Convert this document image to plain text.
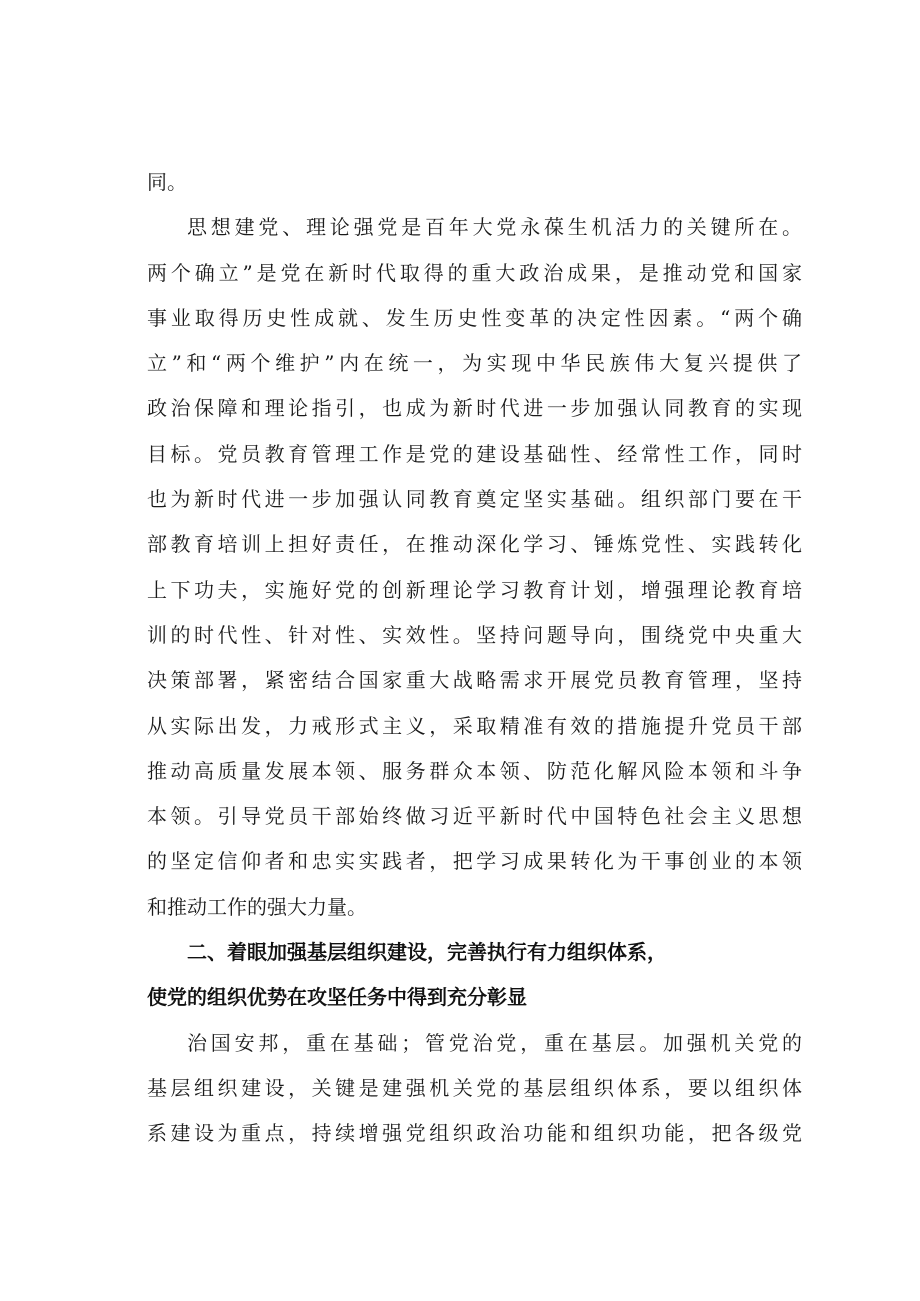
同。
思想建党、理论强党是百年大党永葆生机活力的关键所在。
两个确立”是党在新时代取得的重大政治成果，是推动党和国家
事业取得历史性成就、发生历史性变革的决定性因素。“两个确
立”和“两个维护”内在统一，为实现中华民族伟大复兴提供了
政治保障和理论指引，也成为新时代进一步加强认同教育的实现
目标。党员教育管理工作是党的建设基础性、经常性工作，同时
也为新时代进一步加强认同教育奠定坚实基础。组织部门要在干
部教育培训上担好责任，在推动深化学习、锤炼党性、实践转化
上下功夫，实施好党的创新理论学习教育计划，增强理论教育培
训的时代性、针对性、实效性。坚持问题导向，围绕党中央重大
决策部署，紧密结合国家重大战略需求开展党员教育管理，坚持
从实际出发，力戒形式主义，采取精准有效的措施提升党员干部
推动高质量发展本领、服务群众本领、防范化解风险本领和斗争
本领。引导党员干部始终做习近平新时代中国特色社会主义思想
的坚定信仰者和忠实实践者，把学习成果转化为干事创业的本领
和推动工作的强大力量。
二、着眼加强基层组织建设，完善执行有力组织体系，
使党的组织优势在攻坚任务中得到充分彰显
治国安邦，重在基础；管党治党，重在基层。加强机关党的
基层组织建设，关键是建强机关党的基层组织体系，要以组织体
系建设为重点，持续增强党组织政治功能和组织功能，把各级党
